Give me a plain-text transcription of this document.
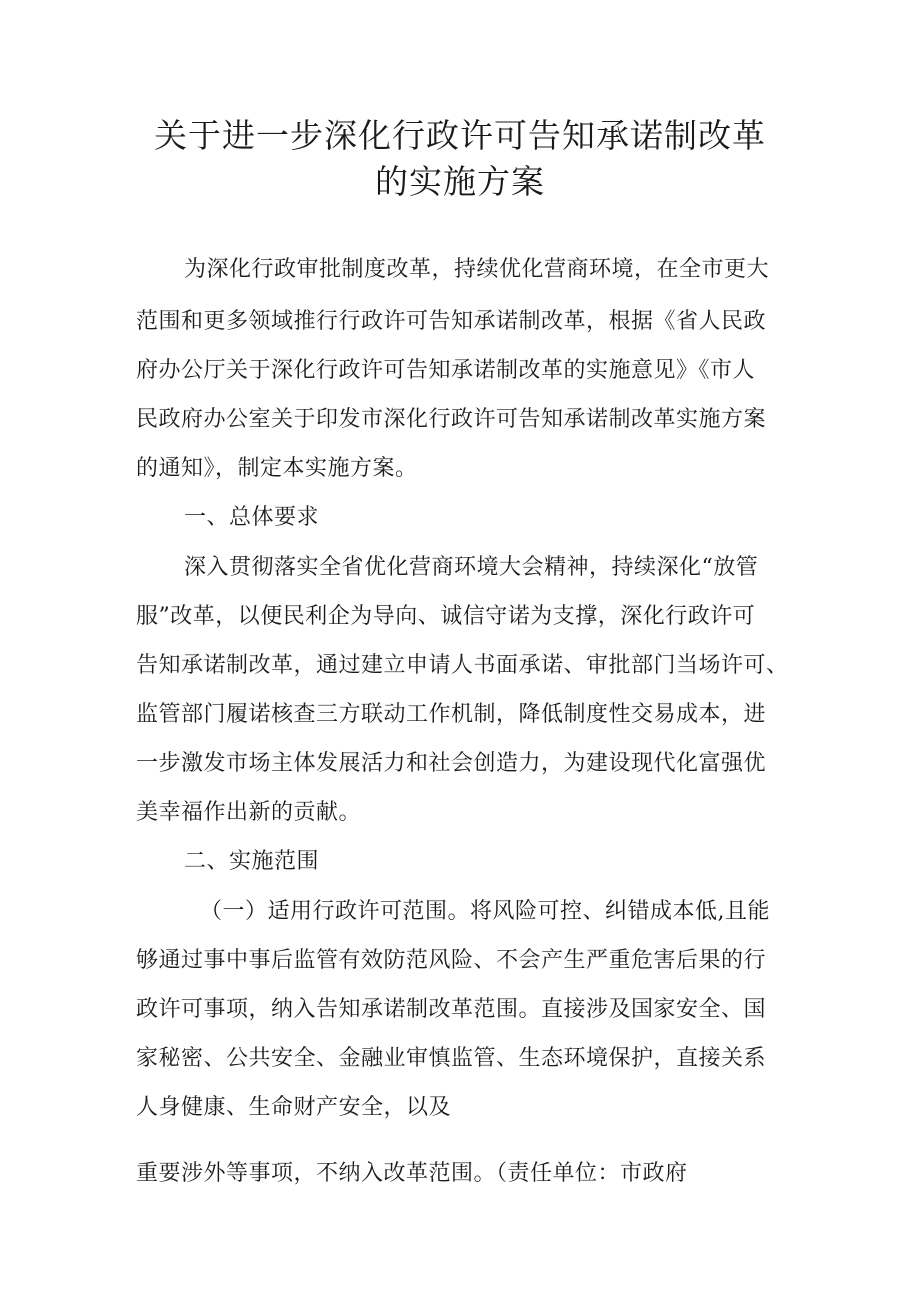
关于进一步深化行政许可告知承诺制改革
的实施方案
为深化行政审批制度改革，持续优化营商环境，在全市更大
范围和更多领域推行行政许可告知承诺制改革，根据《省人民政
府办公厅关于深化行政许可告知承诺制改革的实施意见》《市人
民政府办公室关于印发市深化行政许可告知承诺制改革实施方案
的通知》，制定本实施方案。
一、总体要求
深入贯彻落实全省优化营商环境大会精神，持续深化“放管
服”改革，以便民利企为导向、诚信守诺为支撑，深化行政许可
告知承诺制改革，通过建立申请人书面承诺、审批部门当场许可、
监管部门履诺核查三方联动工作机制，降低制度性交易成本，进
一步激发市场主体发展活力和社会创造力，为建设现代化富强优
美幸福作出新的贡献。
二、实施范围
（一）适用行政许可范围。将风险可控、纠错成本低,且能
够通过事中事后监管有效防范风险、不会产生严重危害后果的行
政许可事项，纳入告知承诺制改革范围。直接涉及国家安全、国
家秘密、公共安全、金融业审慎监管、生态环境保护，直接关系
人身健康、生命财产安全，以及
重要涉外等事项，不纳入改革范围。（责任单位：市政府
